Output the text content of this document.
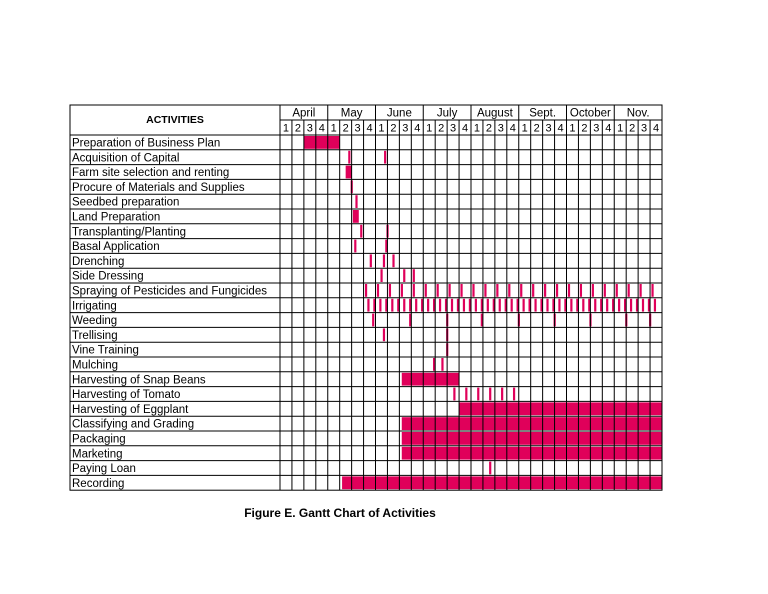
ACTIVITIES
April May June July August Sept. October Nov.
1 2 3 4 1 2 3 4 1 2 3 4 1 2 3 4 1 2 3 4 1 2 3 4 1 2 3 4 1 2 3 4
Preparation of Business Plan
Acquisition of Capital
Farm site selection and renting
Procure of Materials and Supplies
Seedbed preparation
Land Preparation
Transplanting/Planting
Basal Application
Drenching
Side Dressing
Spraying of Pesticides and Fungicides
Irrigating
Weeding
Trellising
Vine Training
Mulching
Harvesting of Snap Beans
Harvesting of Tomato
Harvesting of Eggplant
Classifying and Grading
Packaging
Marketing
Paying Loan
Recording
Figure E. Gantt Chart of Activities
